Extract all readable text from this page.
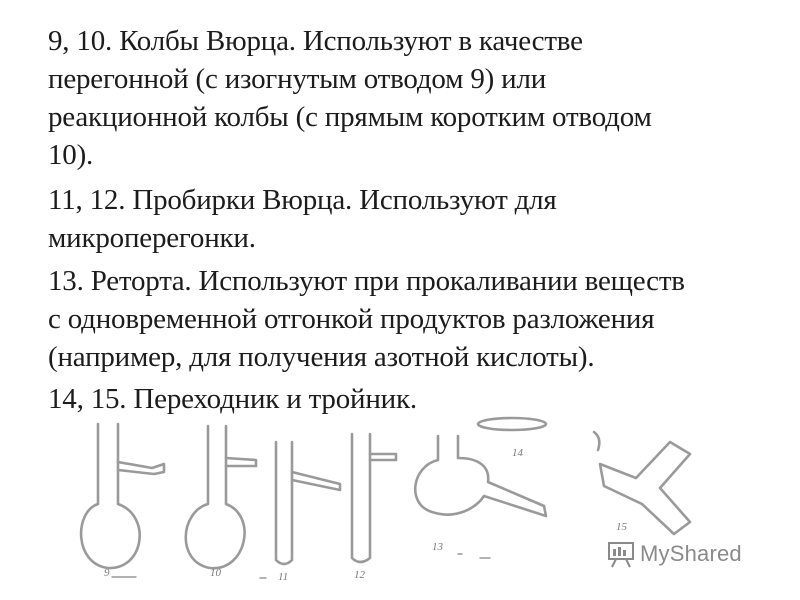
9, 10. Колбы Вюрца. Используют в качестве
перегонной (с изогнутым отводом 9) или
реакционной колбы (с прямым коротким отводом
10).

11, 12. Пробирки Вюрца. Используют для
микроперегонки.

13. Ретортa. Используют при прокаливании веществ
с одновременной отгонкой продуктов разложения
(например, для получения азотной кислоты).

14, 15. Переходник и тройник.

9	10	11	12
13
14
15
MyShared
